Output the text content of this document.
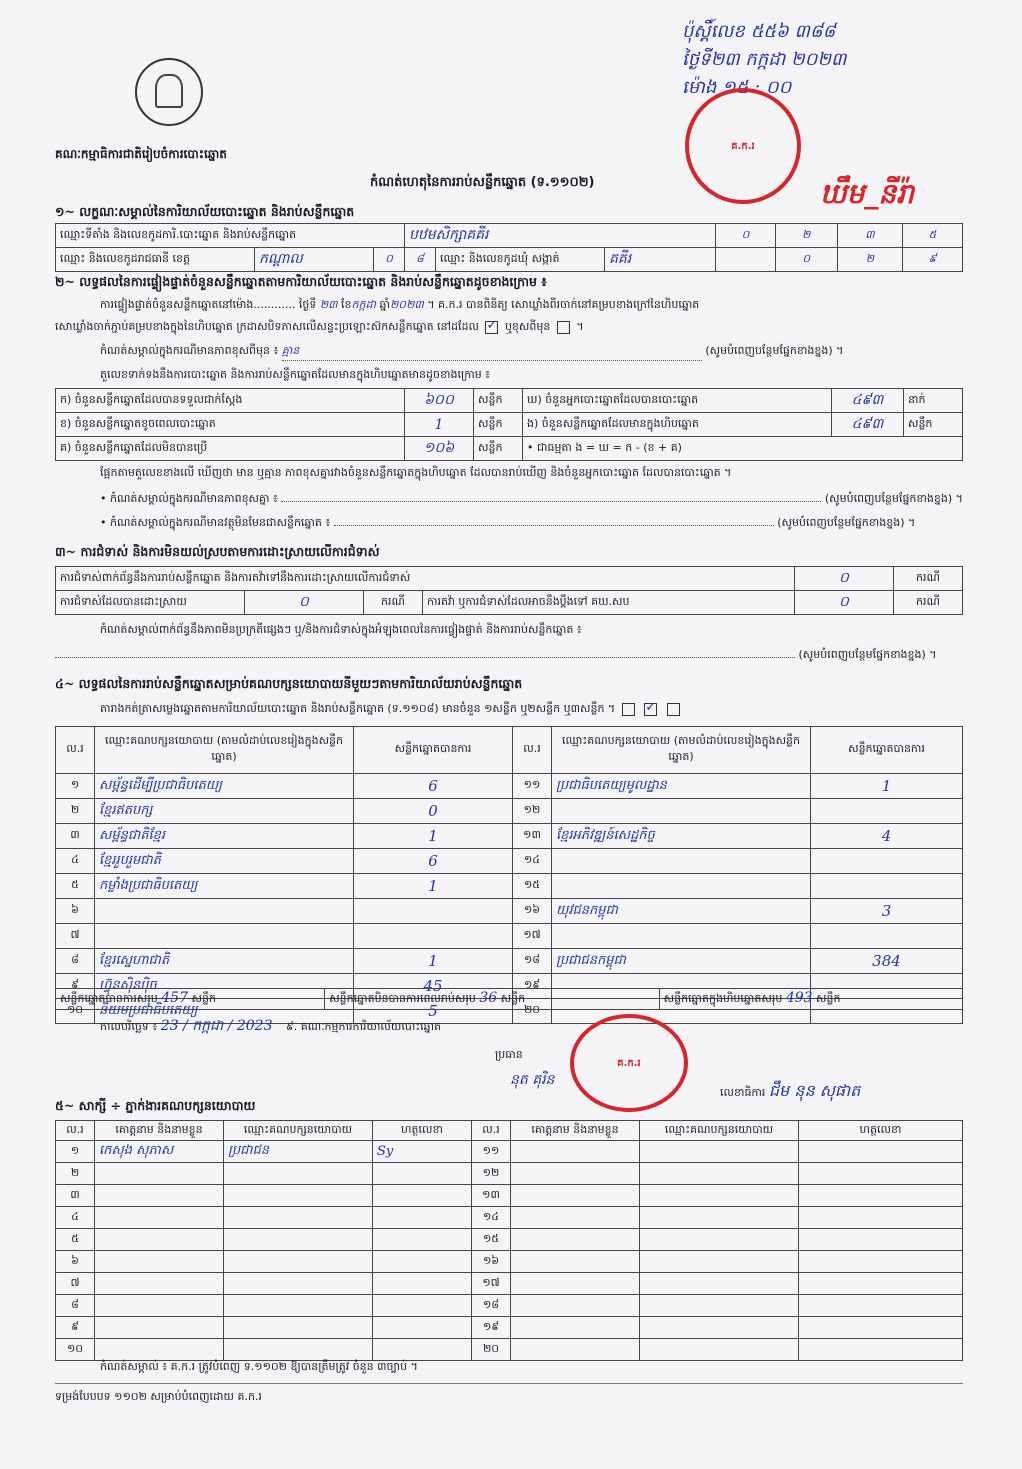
គណៈកម្មាធិការជាតិរៀបចំការបោះឆ្នោត
ប៉ុស្តិ៍លេខ ៥៥៦ ៣៨៨
ថ្ងៃទី២៣ កក្កដា ២០២៣
ម៉ោង ១៥ : ០០
គ.ក.រ
ឃឹម_នីរ៉ា
កំណត់ហេតុនៃការរាប់សន្លឹកឆ្នោត (ទ.១១០២)
១~ លក្ខណៈសម្គាល់នៃការិយាល័យបោះឆ្នោត និងរាប់សន្លឹកឆ្នោត
ឈ្មោះទីតាំង និងលេខកូដការិ.បោះឆ្នោត និងរាប់សន្លឹកឆ្នោត			បឋមសិក្សាគគីរ			០	២	៣	៥
ឈ្មោះ និងលេខកូដរាជធានី ខេត្ត	កណ្តាល	០	៨	ឈ្មោះ និងលេខកូដឃុំ សង្កាត់	គគីរ		០	២	៩
២~ លទ្ធផលនៃការផ្ទៀងផ្ទាត់ចំនួនសន្លឹកឆ្នោតតាមការិយាល័យបោះឆ្នោត និងរាប់សន្លឹកឆ្នោតដូចខាងក្រោម ៖
ការផ្ទៀងផ្ទាត់ចំនួនសន្លឹកឆ្នោតនៅម៉ោង............ ថ្ងៃទី ២៣ ខែកក្កដា ឆ្នាំ២០២៣ ។ គ.ក.រ បានពិនិត្យ សោឃ្លាំងពីរចាក់នៅគម្របខាងក្រៅនៃហិបឆ្នោត
សោឃ្លាំងចាក់ភ្ជាប់គម្របខាងក្នុងនៃហិបឆ្នោត ក្រដាសបិទភាសលើសន្ទះប្រឡោះស៊កសន្លឹកឆ្នោត នៅដដែល ✓ ឬខុសពីមុន  ។
កំណត់សម្គាល់ក្នុងករណីមានភាពខុសពីមុន ៖ គ្មាន	(សូមបំពេញបន្ថែមផ្នែកខាងខ្នង) ។
តួលេខទាក់ទងនឹងការបោះឆ្នោត និងការរាប់សន្លឹកឆ្នោតដែលមានក្នុងហិបឆ្នោតមានដូចខាងក្រោម ៖
ក) ចំនួនសន្លឹកឆ្នោតដែលបានទទួលជាក់ស្តែង	៦០០	សន្លឹក	ឃ) ចំនួនអ្នកបោះឆ្នោតដែលបានបោះឆ្នោត	៤៩៣	នាក់
ខ) ចំនួនសន្លឹកឆ្នោតខូចពេលបោះឆ្នោត	1	សន្លឹក	ង) ចំនួនសន្លឹកឆ្នោតដែលមានក្នុងហិបឆ្នោត	៤៩៣	សន្លឹក
គ) ចំនួនសន្លឹកឆ្នោតដែលមិនបានប្រើ	១០៦	សន្លឹក	• ជាធម្មតា ង = ឃ = ក - (ខ + គ)		
ផ្អែកតាមតួលេខខាងលើ ឃើញថា មាន ឬគ្មាន ភាពខុសគ្នារវាងចំនួនសន្លឹកឆ្នោតក្នុងហិបឆ្នោត ដែលបានរាប់ឃើញ និងចំនួនអ្នកបោះឆ្នោត ដែលបានបោះឆ្នោត ។
• កំណត់សម្គាល់ក្នុងករណីមានភាពខុសគ្នា ៖	(សូមបំពេញបន្ថែមផ្នែកខាងខ្នង) ។
• កំណត់សម្គាល់ក្នុងករណីមានវត្ថុមិនមែនជាសន្លឹកឆ្នោត ៖	(សូមបំពេញបន្ថែមផ្នែកខាងខ្នង) ។
៣~ ការជំទាស់ និងការមិនយល់ស្របតាមការដោះស្រាយលើការជំទាស់
ការជំទាស់ពាក់ព័ន្ធនឹងការរាប់សន្លឹកឆ្នោត និងការតវ៉ាទៅនឹងការដោះស្រាយលើការជំទាស់				០	ករណី
ការជំទាស់ដែលបានដោះស្រាយ	០	ករណី	ការតវ៉ា ឬការជំទាស់ដែលអាចនឹងប្តឹងទៅ គឃ.សប	០	ករណី
កំណត់សម្គាល់ពាក់ព័ន្ធនឹងភាពមិនប្រក្រតីផ្សេងៗ ឬ/និងការជំទាស់ក្នុងអំឡុងពេលនៃការផ្ទៀងផ្ទាត់ និងការរាប់សន្លឹកឆ្នោត ៖
(សូមបំពេញបន្ថែមផ្នែកខាងខ្នង) ។
៤~ លទ្ធផលនៃការរាប់សន្លឹកឆ្នោតសម្រាប់គណបក្សនយោបាយនីមួយៗតាមការិយាល័យរាប់សន្លឹកឆ្នោត
តារាងកត់ត្រាសម្លេងឆ្នោតតាមការិយាល័យបោះឆ្នោត និងរាប់សន្លឹកឆ្នោត (ទ.១១០៨) មានចំនួន ១សន្លឹក ឬ២សន្លឹក ឬ៣សន្លឹក ។  ✓
ល.រ	ឈ្មោះគណបក្សនយោបាយ (តាមលំដាប់លេខរៀងក្នុងសន្លឹកឆ្នោត)	សន្លឹកឆ្នោតបានការ	ល.រ	ឈ្មោះគណបក្សនយោបាយ (តាមលំដាប់លេខរៀងក្នុងសន្លឹកឆ្នោត)	សន្លឹកឆ្នោតបានការ
១	សម្ព័ន្ធដើម្បីប្រជាធិបតេយ្យ	6	១១	ប្រជាធិបតេយ្យមូលដ្ឋាន	1
២	ខ្មែរឥតបក្ស	0	១២		
៣	សម្ព័ន្ធជាតិខ្មែរ	1	១៣	ខ្មែរអភិវឌ្ឍន៍សេដ្ឋកិច្ច	4
៤	ខ្មែររួបរួមជាតិ	6	១៤		
៥	កម្លាំងប្រជាធិបតេយ្យ	1	១៥		
៦			១៦	យុវជនកម្ពុជា	3
៧			១៧		
៨	ខ្មែរស្នេហាជាតិ	1	១៨	ប្រជាជនកម្ពុជា	384
៩	ហ៊្វុនស៊ិនប៉ិច	45	១៩		
១០	និយមប្រជាធិបតេយ្យ	5	២០		
សន្លឹកឆ្នោតបានការសរុប 457 សន្លឹក	សន្លឹកឆ្នោតមិនបានការពេលរាប់សរុប 36 សន្លឹក	សន្លឹកឆ្នោតក្នុងហិបឆ្នោតសរុប 493 សន្លឹក
កាលបរិច្ឆេទ ៖ 23 / កក្កដា / 2023 ៩. គណៈកម្មការការិយាល័យបោះឆ្នោត
គ.ក.រ
ប្រធាន
នុត គុរិន
លេខាធិការ ជឹម នុន សុផាត
៥~ សាក្សី ÷ ភ្នាក់ងារគណបក្សនយោបាយ
ល.រ	គោត្តនាម និងនាមខ្លួន	ឈ្មោះគណបក្សនយោបាយ	ហត្ថលេខា	ល.រ	គោត្តនាម និងនាមខ្លួន	ឈ្មោះគណបក្សនយោបាយ	ហត្ថលេខា
១	កេសុង សុភាស	ប្រជាជន	Sy	១១			
២				១២			
៣				១៣			
៤				១៤			
៥				១៥			
៦				១៦			
៧				១៧			
៨				១៨			
៩				១៩			
១០				២០			
កំណត់សម្គាល់ ៖ គ.ក.រ ត្រូវបំពេញ ទ.១១០២ ឱ្យបានត្រឹមត្រូវ ចំនួន ៣ច្បាប់ ។
ទម្រង់បែបបទ ១១០២ សម្រាប់បំពេញដោយ គ.ក.រ
